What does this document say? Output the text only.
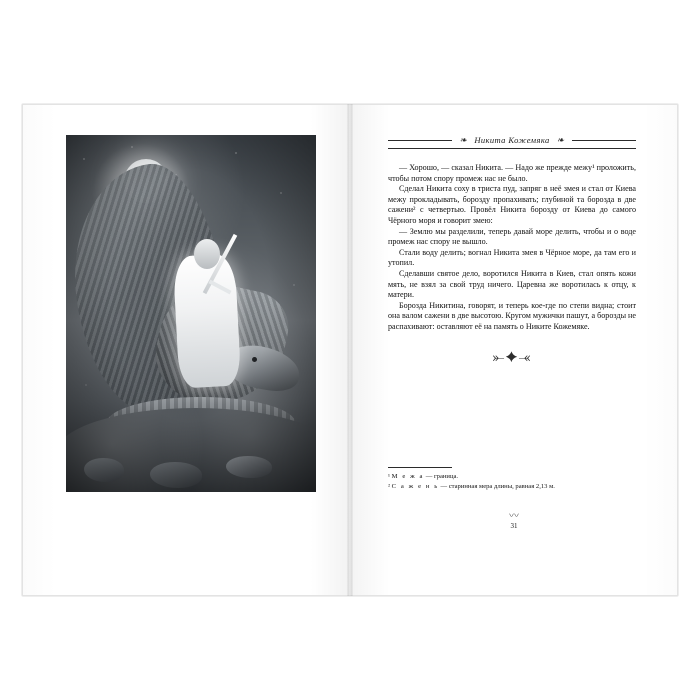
❧ Никита Кожемяка ❧

— Хорошо, — сказал Никита. — Надо же прежде межу¹ проложить, чтобы потом спору промеж нас не было.

Сделал Никита соху в триста пуд, запряг в неё змея и стал от Киева межу прокладывать, борозду пропахивать; глубиной та борозда в две сажени² с четвертью. Провёл Никита борозду от Киева до самого Чёрного моря и говорит змею:

— Землю мы разделили, теперь давай море делить, чтобы и о воде промеж нас спору не вышло.

Стали воду делить; вогнал Никита змея в Чёрное море, да там его и утопил.

Сделавши святое дело, воротился Никита в Киев, стал опять кожи мять, не взял за свой труд ничего. Царевна же воротилась к отцу, к матери.

Борозда Никитина, говорят, и теперь кое-где по степи видна; стоит она валом сажени в две высотою. Кругом мужички пашут, а борозды не распахивают: оставляют её на память о Никите Кожемяке.

⤜✦⤛

¹ М е ж а — граница.

² С а ж е н ь — старинная мера длины, равная 2,13 м.

〰
31
